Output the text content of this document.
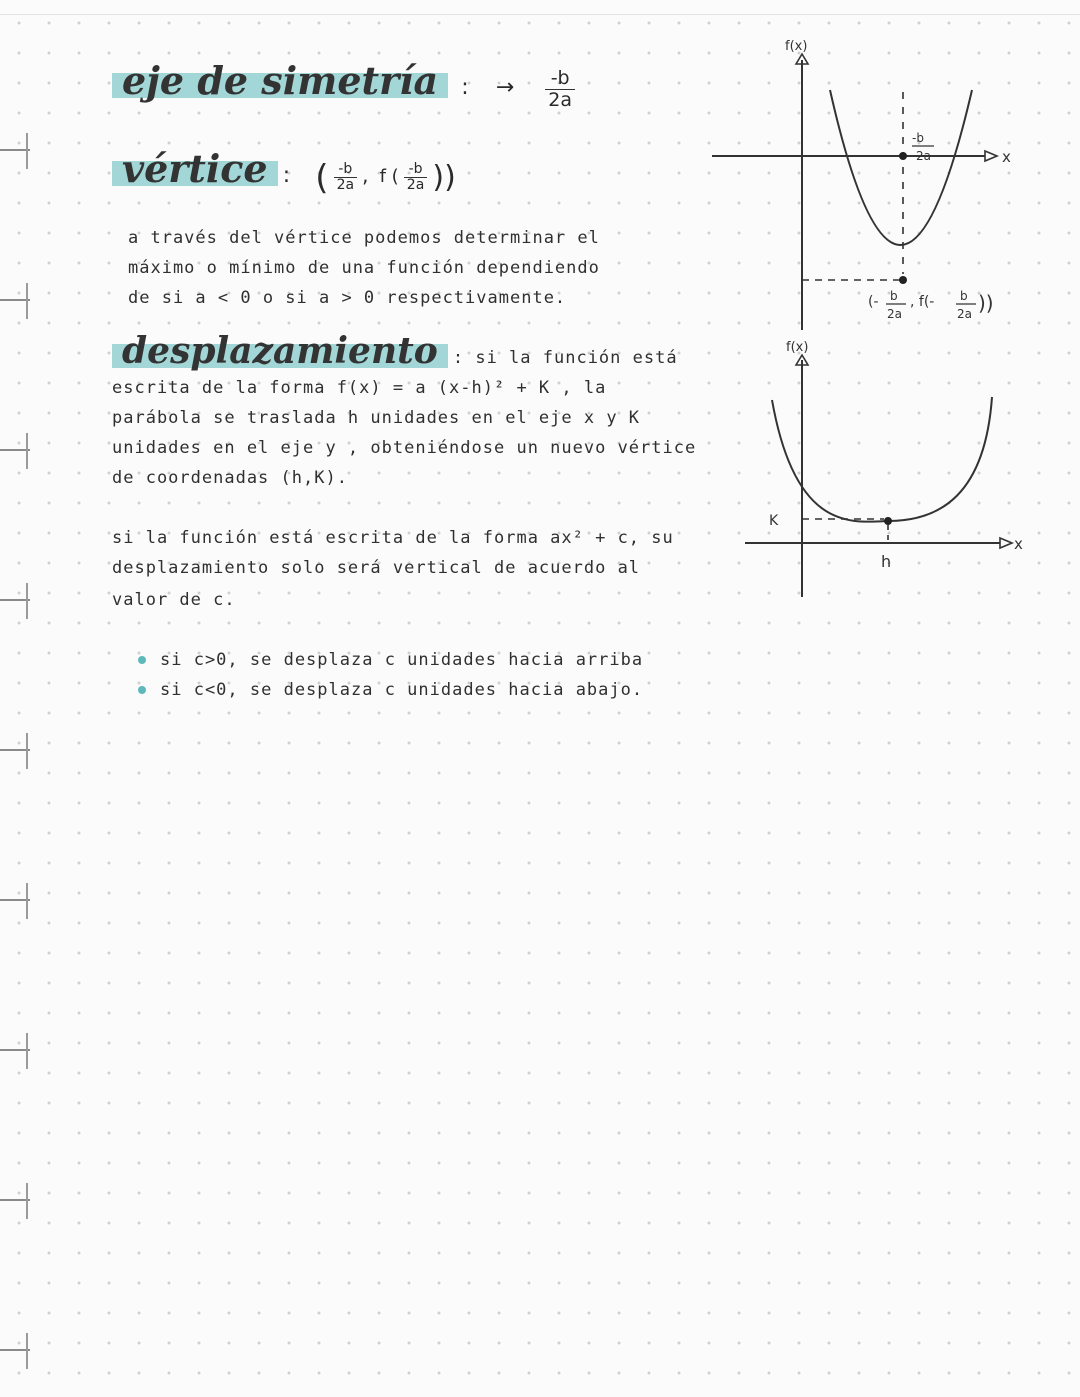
eje de simetría : → $\frac{-b}{2a}$
vértice : ( $\frac{-b}{2a}$ , f ( $\frac{-b}{2a}$ ))
a través del vértice podemos determinar el
máximo o mínimo de una función dependiendo
de si a < 0 o si a > 0 respectivamente.
desplazamiento : si la función está
escrita de la forma f(x) = a (x-h)² + K , la
parábola se traslada h unidades en el eje x y K
unidades en el eje y , obteniéndose un nuevo vértice
de coordenadas (h,K).
si la función está escrita de la forma ax² + c, su
desplazamiento solo será vertical de acuerdo al
valor de c.
si c>0, se desplaza c unidades hacia arriba
si c<0, se desplaza c unidades hacia abajo.
f(x)
x
-b
2a
(- b
2a
, f(- b
2a ))
f(x)
x
K
h
